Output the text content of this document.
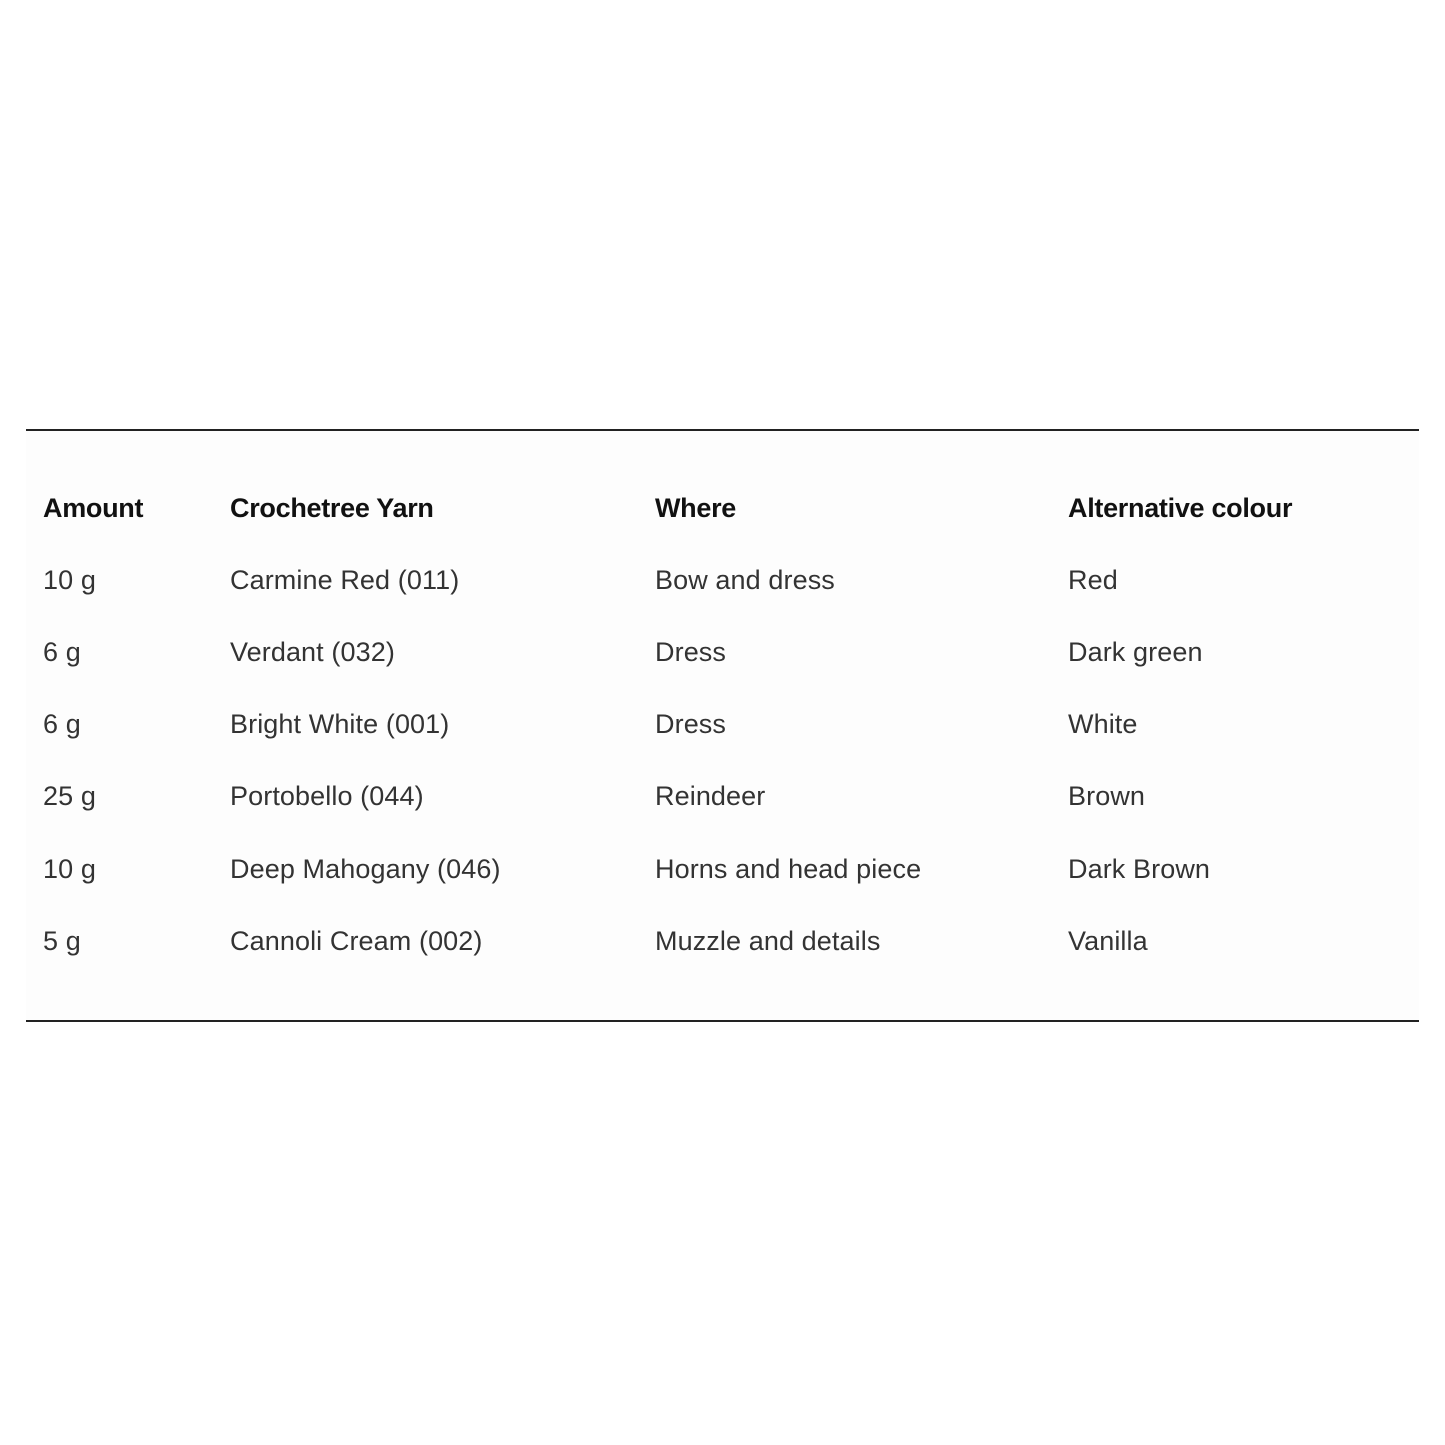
Amount	Crochetree Yarn	Where	Alternative colour
10 g	Carmine Red (011)	Bow and dress	Red
6 g	Verdant (032)	Dress	Dark green
6 g	Bright White (001)	Dress	White
25 g	Portobello (044)	Reindeer	Brown
10 g	Deep Mahogany (046)	Horns and head piece	Dark Brown
5 g	Cannoli Cream (002)	Muzzle and details	Vanilla
